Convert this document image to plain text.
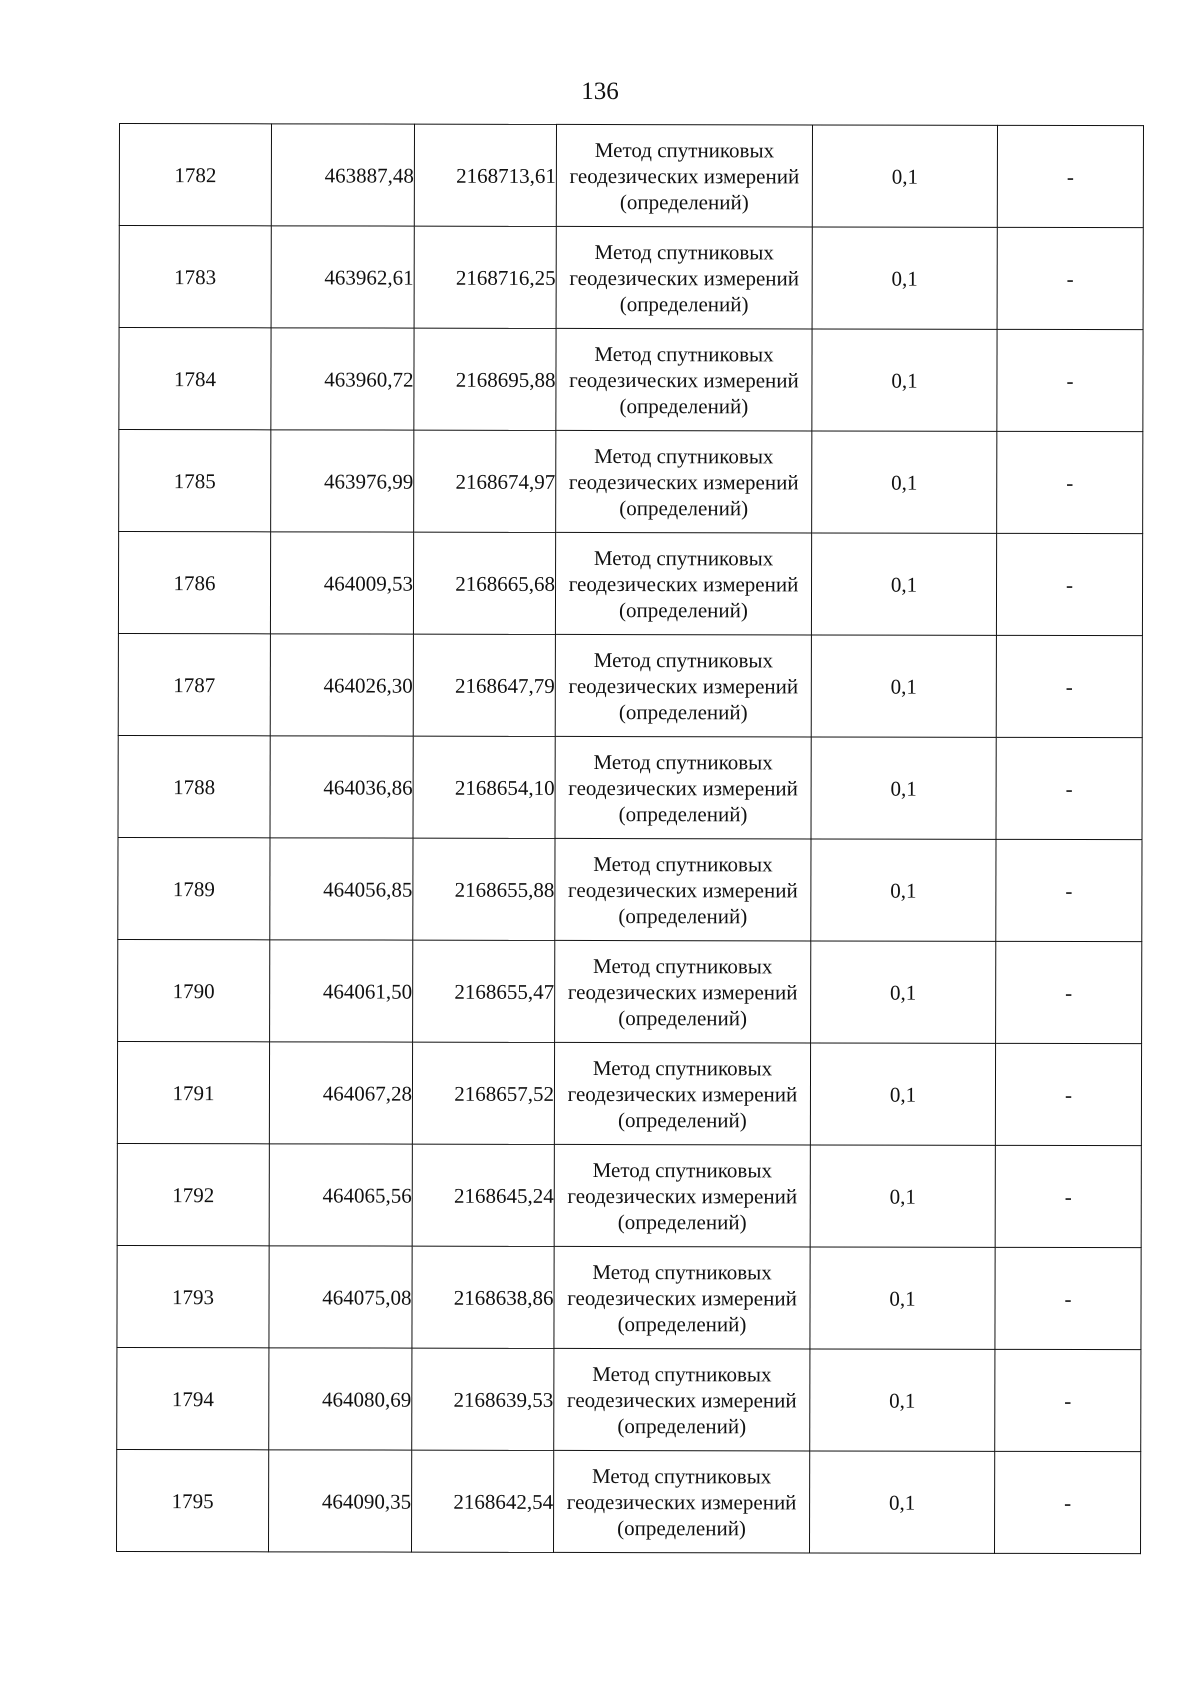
136
1782	463887,48	2168713,61	Метод спутниковых
геодезических измерений
(определений)	0,1	-
1783	463962,61	2168716,25	Метод спутниковых
геодезических измерений
(определений)	0,1	-
1784	463960,72	2168695,88	Метод спутниковых
геодезических измерений
(определений)	0,1	-
1785	463976,99	2168674,97	Метод спутниковых
геодезических измерений
(определений)	0,1	-
1786	464009,53	2168665,68	Метод спутниковых
геодезических измерений
(определений)	0,1	-
1787	464026,30	2168647,79	Метод спутниковых
геодезических измерений
(определений)	0,1	-
1788	464036,86	2168654,10	Метод спутниковых
геодезических измерений
(определений)	0,1	-
1789	464056,85	2168655,88	Метод спутниковых
геодезических измерений
(определений)	0,1	-
1790	464061,50	2168655,47	Метод спутниковых
геодезических измерений
(определений)	0,1	-
1791	464067,28	2168657,52	Метод спутниковых
геодезических измерений
(определений)	0,1	-
1792	464065,56	2168645,24	Метод спутниковых
геодезических измерений
(определений)	0,1	-
1793	464075,08	2168638,86	Метод спутниковых
геодезических измерений
(определений)	0,1	-
1794	464080,69	2168639,53	Метод спутниковых
геодезических измерений
(определений)	0,1	-
1795	464090,35	2168642,54	Метод спутниковых
геодезических измерений
(определений)	0,1	-
